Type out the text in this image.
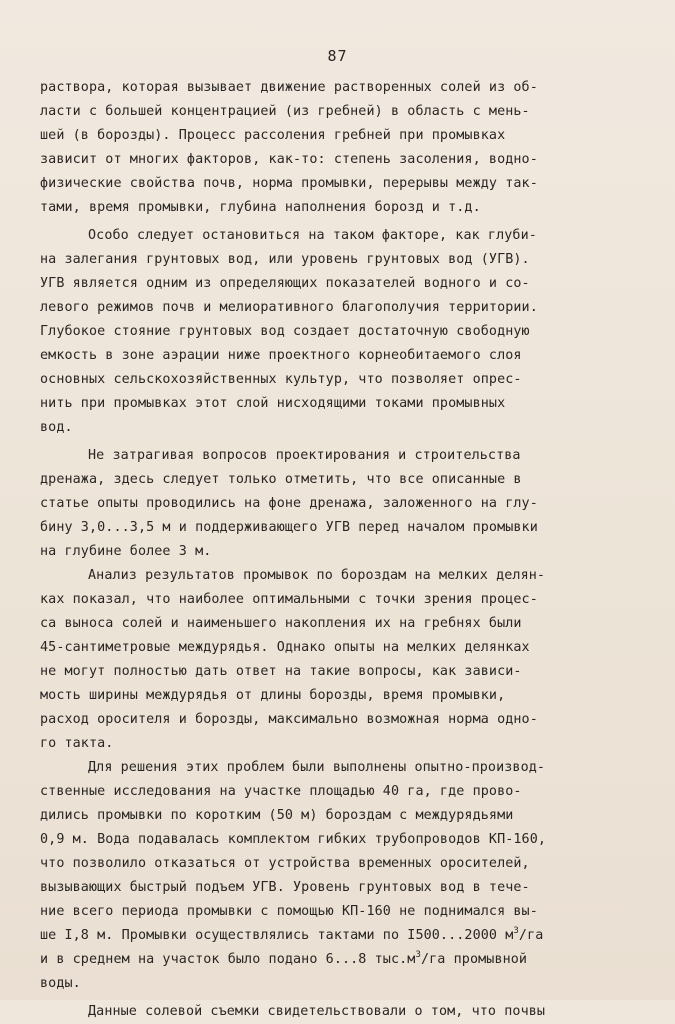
87
раствора, которая вызывает движение растворенных солей из об-
ласти с большей концентрацией (из гребней) в область с мень-
шей (в борозды). Процесс рассоления гребней при промывках
зависит от многих факторов, как-то: степень засоления, водно-
физические свойства почв, норма промывки, перерывы между так-
тами, время промывки, глубина наполнения борозд и т.д.
Особо следует остановиться на таком факторе, как глуби-
на залегания грунтовых вод, или уровень грунтовых вод (УГВ).
УГВ является одним из определяющих показателей водного и со-
левого режимов почв и мелиоративного благополучия территории.
Глубокое стояние грунтовых вод создает достаточную свободную
емкость в зоне аэрации ниже проектного корнеобитаемого слоя
основных сельскохозяйственных культур, что позволяет опрес-
нить при промывках этот слой нисходящими токами промывных
вод.
Не затрагивая вопросов проектирования и строительства
дренажа, здесь следует только отметить, что все описанные в
статье опыты проводились на фоне дренажа, заложенного на глу-
бину 3,0...3,5 м и поддерживающего УГВ перед началом промывки
на глубине более 3 м.
Анализ результатов промывок по бороздам на мелких делян-
ках показал, что наиболее оптимальными с точки зрения процес-
са выноса солей и наименьшего накопления их на гребнях были
45-сантиметровые междурядья. Однако опыты на мелких делянках
не могут полностью дать ответ на такие вопросы, как зависи-
мость ширины междурядья от длины борозды, время промывки,
расход оросителя и борозды, максимально возможная норма одно-
го такта.
Для решения этих проблем были выполнены опытно-производ-
ственные исследования на участке площадью 40 га, где прово-
дились промывки по коротким (50 м) бороздам с междурядьями
0,9 м. Вода подавалась комплектом гибких трубопроводов КП-160,
что позволило отказаться от устройства временных оросителей,
вызывающих быстрый подъем УГВ. Уровень грунтовых вод в тече-
ние всего периода промывки с помощью КП-160 не поднимался вы-
ше I,8 м. Промывки осуществлялись тактами по I500...2000 $м^3/га$
и в среднем на участок было подано 6...8 $тыс.м^3/га$ промывной
воды.
Данные солевой съемки свидетельствовали о том, что почвы
